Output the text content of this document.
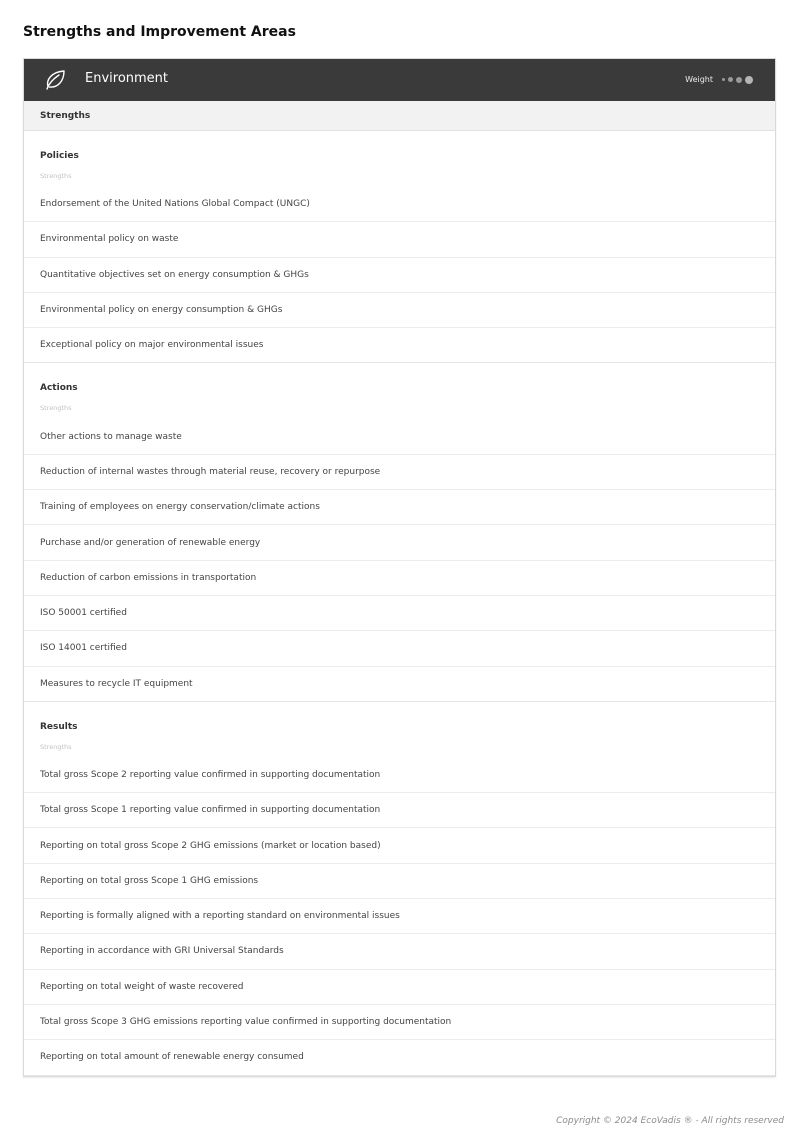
Strengths and Improvement Areas
Environment	Weight
Strengths
Policies
Strengths
Endorsement of the United Nations Global Compact (UNGC)
Environmental policy on waste
Quantitative objectives set on energy consumption & GHGs
Environmental policy on energy consumption & GHGs
Exceptional policy on major environmental issues
Actions
Strengths
Other actions to manage waste
Reduction of internal wastes through material reuse, recovery or repurpose
Training of employees on energy conservation/climate actions
Purchase and/or generation of renewable energy
Reduction of carbon emissions in transportation
ISO 50001 certified
ISO 14001 certified
Measures to recycle IT equipment
Results
Strengths
Total gross Scope 2 reporting value confirmed in supporting documentation
Total gross Scope 1 reporting value confirmed in supporting documentation
Reporting on total gross Scope 2 GHG emissions (market or location based)
Reporting on total gross Scope 1 GHG emissions
Reporting is formally aligned with a reporting standard on environmental issues
Reporting in accordance with GRI Universal Standards
Reporting on total weight of waste recovered
Total gross Scope 3 GHG emissions reporting value confirmed in supporting documentation
Reporting on total amount of renewable energy consumed
Copyright © 2024 EcoVadis ® - All rights reserved
